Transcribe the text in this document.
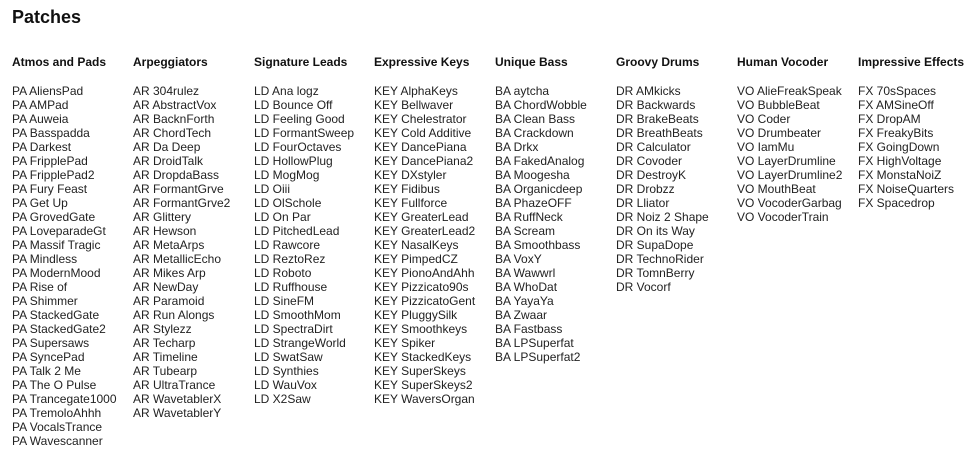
Patches
Atmos and Pads
PA AliensPad
PA AMPad
PA Auweia
PA Basspadda
PA Darkest
PA FripplePad
PA FripplePad2
PA Fury Feast
PA Get Up
PA GrovedGate
PA LoveparadeGt
PA Massif Tragic
PA Mindless
PA ModernMood
PA Rise of
PA Shimmer
PA StackedGate
PA StackedGate2
PA Supersaws
PA SyncePad
PA Talk 2 Me
PA The O Pulse
PA Trancegate1000
PA TremoloAhhh
PA VocalsTrance
PA Wavescanner
Arpeggiators
AR 304rulez
AR AbstractVox
AR BacknForth
AR ChordTech
AR Da Deep
AR DroidTalk
AR DropdaBass
AR FormantGrve
AR FormantGrve2
AR Glittery
AR Hewson
AR MetaArps
AR MetallicEcho
AR Mikes Arp
AR NewDay
AR Paramoid
AR Run Alongs
AR Stylezz
AR Techarp
AR Timeline
AR Tubearp
AR UltraTrance
AR WavetablerX
AR WavetablerY
Signature Leads
LD Ana logz
LD Bounce Off
LD Feeling Good
LD FormantSweep
LD FourOctaves
LD HollowPlug
LD MogMog
LD Oiii
LD OlSchole
LD On Par
LD PitchedLead
LD Rawcore
LD ReztoRez
LD Roboto
LD Ruffhouse
LD SineFM
LD SmoothMom
LD SpectraDirt
LD StrangeWorld
LD SwatSaw
LD Synthies
LD WauVox
LD X2Saw
Expressive Keys
KEY AlphaKeys
KEY Bellwaver
KEY Chelestrator
KEY Cold Additive
KEY DancePiana
KEY DancePiana2
KEY DXstyler
KEY Fidibus
KEY Fullforce
KEY GreaterLead
KEY GreaterLead2
KEY NasalKeys
KEY PimpedCZ
KEY PionoAndAhh
KEY Pizzicato90s
KEY PizzicatoGent
KEY PluggySilk
KEY Smoothkeys
KEY Spiker
KEY StackedKeys
KEY SuperSkeys
KEY SuperSkeys2
KEY WaversOrgan
Unique Bass
BA aytcha
BA ChordWobble
BA Clean Bass
BA Crackdown
BA Drkx
BA FakedAnalog
BA Moogesha
BA Organicdeep
BA PhazeOFF
BA RuffNeck
BA Scream
BA Smoothbass
BA VoxY
BA Wawwrl
BA WhoDat
BA YayaYa
BA Zwaar
BA Fastbass
BA LPSuperfat
BA LPSuperfat2
Groovy Drums
DR AMkicks
DR Backwards
DR BrakeBeats
DR BreathBeats
DR Calculator
DR Covoder
DR DestroyK
DR Drobzz
DR Lliator
DR Noiz 2 Shape
DR On its Way
DR SupaDope
DR TechnoRider
DR TomnBerry
DR Vocorf
Human Vocoder
VO AlieFreakSpeak
VO BubbleBeat
VO Coder
VO Drumbeater
VO IamMu
VO LayerDrumline
VO LayerDrumline2
VO MouthBeat
VO VocoderGarbag
VO VocoderTrain
Impressive Effects
FX 70sSpaces
FX AMSineOff
FX DropAM
FX FreakyBits
FX GoingDown
FX HighVoltage
FX MonstaNoiZ
FX NoiseQuarters
FX Spacedrop
